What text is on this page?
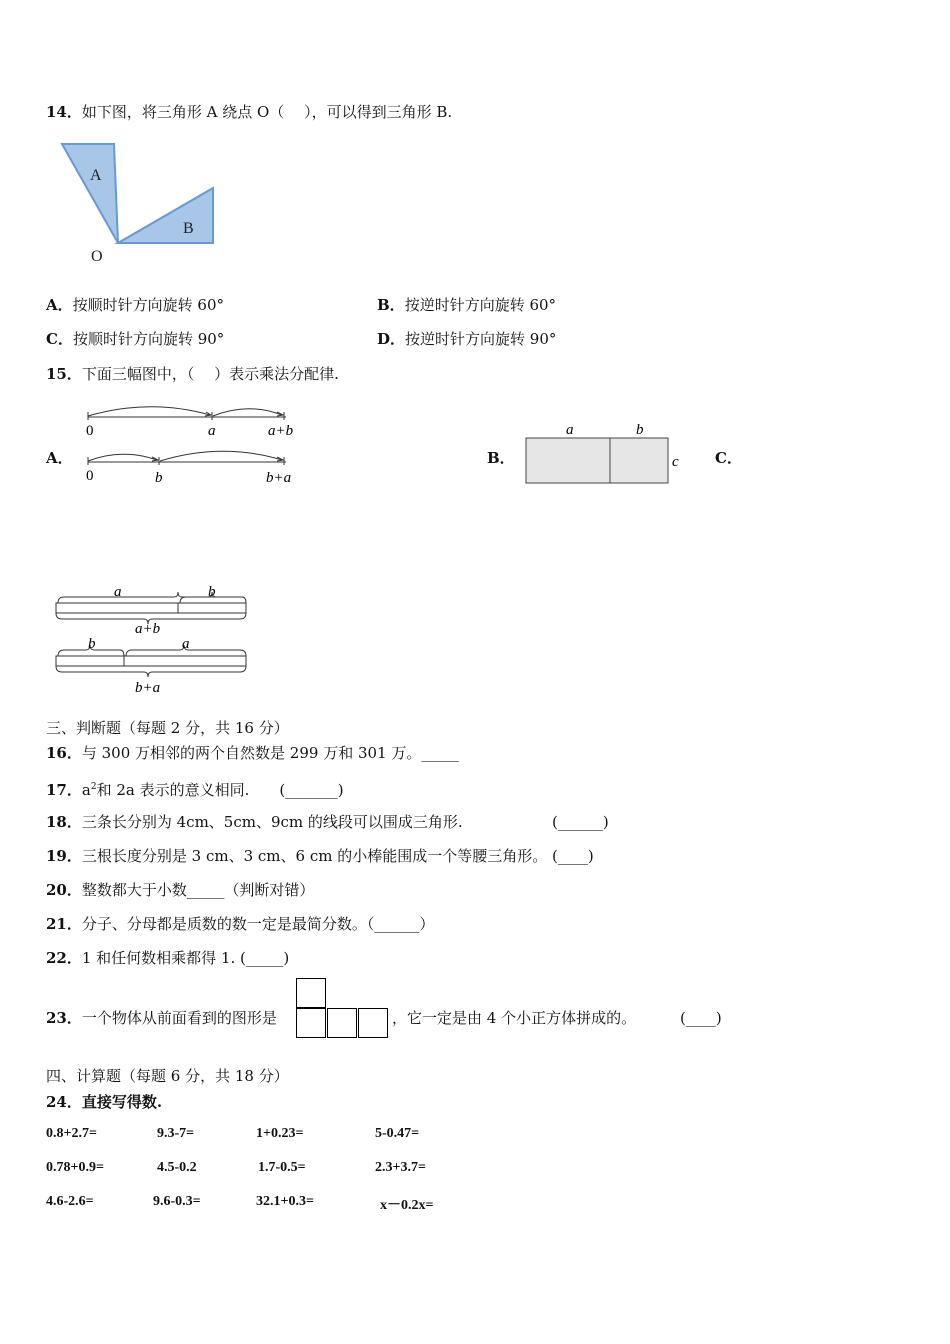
14．如下图，将三角形 A 绕点 O（　 ），可以得到三角形 B.
A
B
O
A．按顺时针方向旋转 60°	B．按逆时针方向旋转 60°
C．按顺时针方向旋转 90°	D．按逆时针方向旋转 90°
15．下面三幅图中，（　 ）表示乘法分配律.
A．
0	a	a+b
0	b	b+a
B．
a	b
c C．
a	b
a+b
b	a
b+a
三、判断题（每题 2 分，共 16 分）
16．与 300 万相邻的两个自然数是 299 万和 301 万。_____
17．$a^2$和 2a 表示的意义相同.　　(_______)
18．三条长分别为 4cm、5cm、9cm 的线段可以围成三角形.	(______)
19．三根长度分别是 3 cm、3 cm、6 cm 的小棒能围成一个等腰三角形。 (____)
20．整数都大于小数_____（判断对错）
21．分子、分母都是质数的数一定是最简分数。（______）
22．1 和任何数相乘都得 1. (_____)
23．一个物体从前面看到的图形是	，它一定是由 4 个小正方体拼成的。	(____)
四、计算题（每题 6 分，共 18 分）
24．直接写得数.
0.8+2.7=	9.3-7=	1+0.23=	5-0.47=
0.78+0.9=	4.5-0.2	1.7-0.5=	2.3+3.7=
4.6-2.6=	9.6-0.3=	32.1+0.3=	x－0.2x=
